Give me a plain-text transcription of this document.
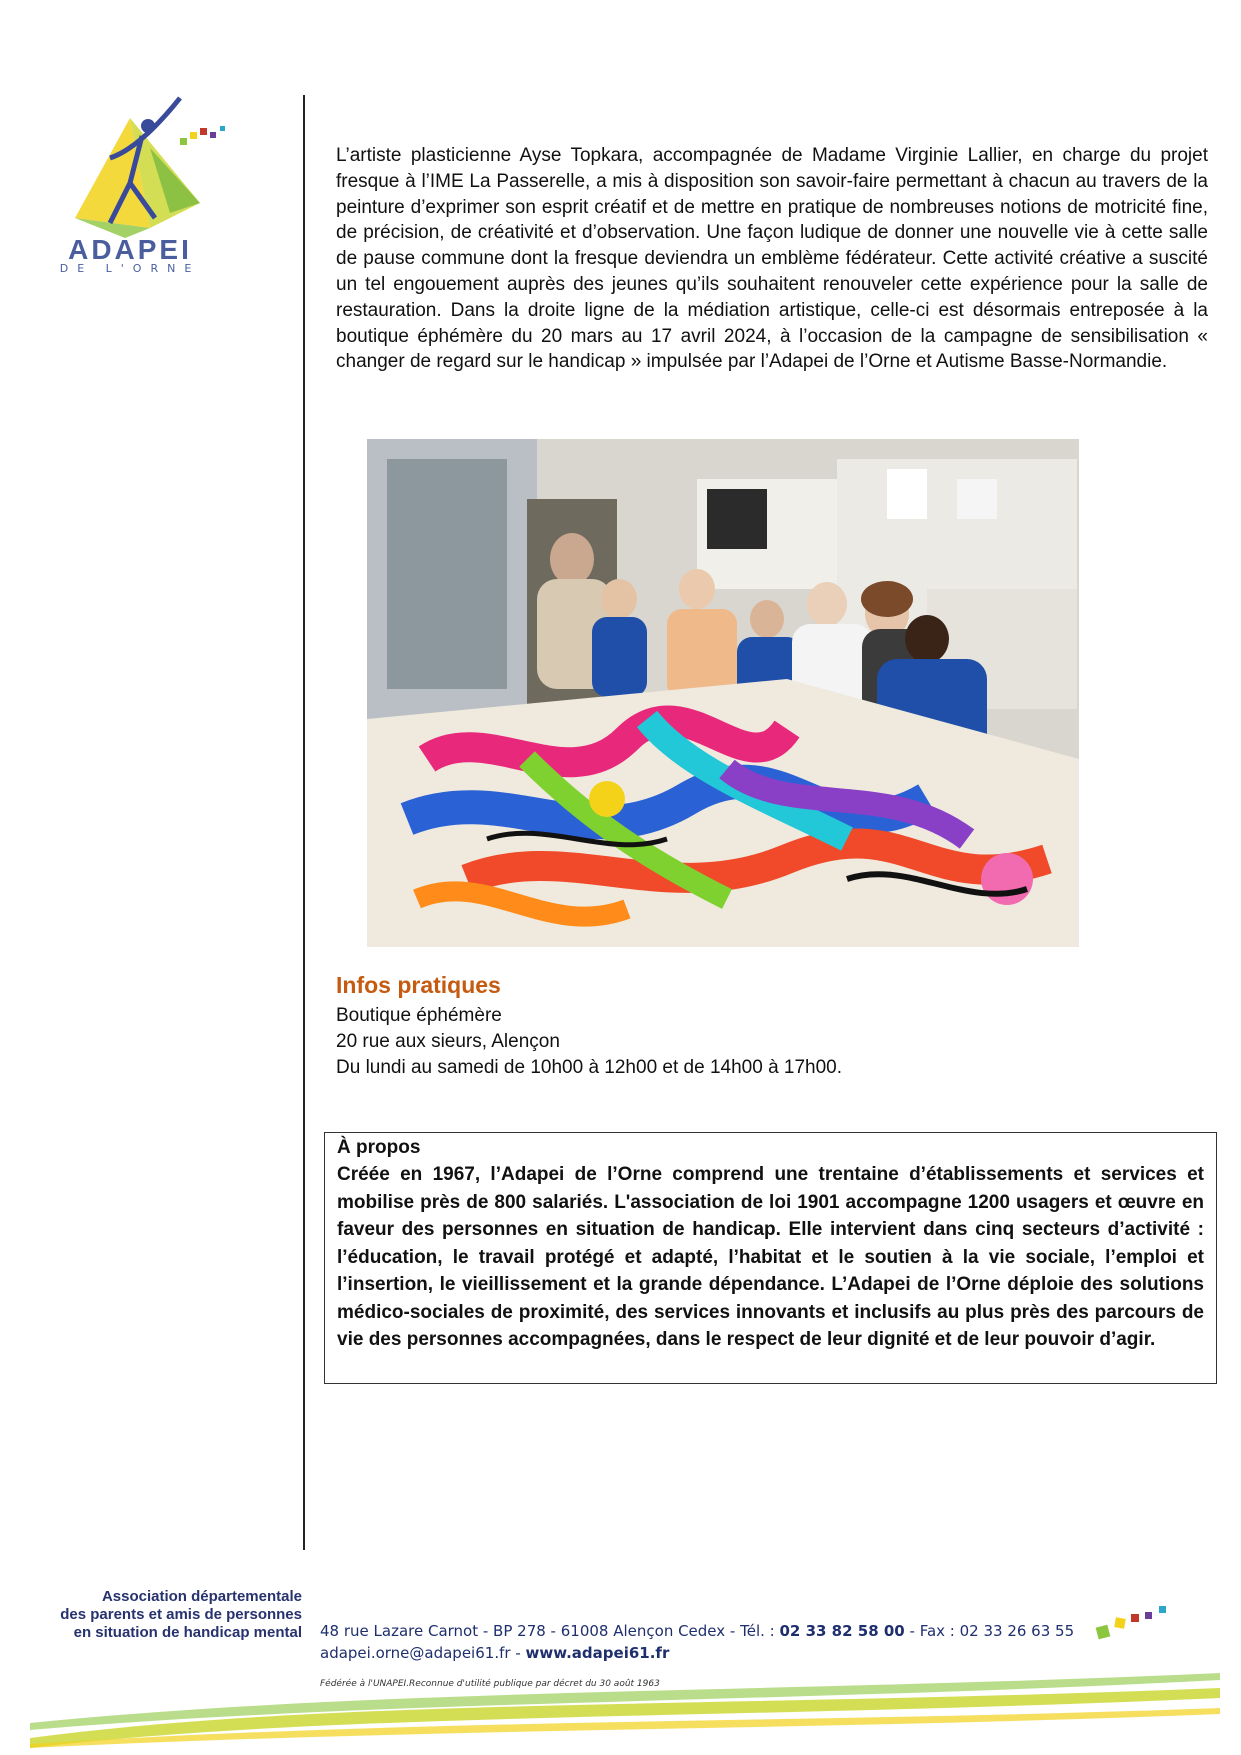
ADAPEI
DE L'ORNE

L’artiste plasticienne Ayse Topkara, accompagnée de Madame Virginie Lallier, en charge du projet fresque à l’IME La Passerelle, a mis à disposition son savoir-faire permettant à chacun au travers de la peinture d’exprimer son esprit créatif et de mettre en pratique de nombreuses notions de motricité fine, de précision, de créativité et d’observation. Une façon ludique de donner une nouvelle vie à cette salle de pause commune dont la fresque deviendra un emblème fédérateur. Cette activité créative a suscité un tel engouement auprès des jeunes qu’ils souhaitent renouveler cette expérience pour la salle de restauration. Dans la droite ligne de la médiation artistique, celle-ci est désormais entreposée à la boutique éphémère du 20 mars au 17 avril 2024, à l’occasion de la campagne de sensibilisation « changer de regard sur le handicap » impulsée par l’Adapei de l’Orne et Autisme Basse-Normandie.

Infos pratiques

Boutique éphémère

20 rue aux sieurs, Alençon

Du lundi au samedi de 10h00 à 12h00 et de 14h00 à 17h00.

À propos

Créée en 1967, l’Adapei de l’Orne comprend une trentaine d’établissements et services et mobilise près de 800 salariés. L'association de loi 1901 accompagne 1200 usagers et œuvre en faveur des personnes en situation de handicap. Elle intervient dans cinq secteurs d’activité : l’éducation, le travail protégé et adapté, l’habitat et le soutien à la vie sociale, l’emploi et l’insertion, le vieillissement et la grande dépendance. L’Adapei de l’Orne déploie des solutions médico-sociales de proximité, des services innovants et inclusifs au plus près des parcours de vie des personnes accompagnées, dans le respect de leur dignité et de leur pouvoir d’agir.

Association départementale
des parents et amis de personnes
en situation de handicap mental 48 rue Lazare Carnot - BP 278 - 61008 Alençon Cedex - Tél. : 02 33 82 58 00 - Fax : 02 33 26 63 55
adapei.orne@adapei61.fr - www.adapei61.fr
Fédérée à l'UNAPEI.Reconnue d'utilité publique par décret du 30 août 1963
